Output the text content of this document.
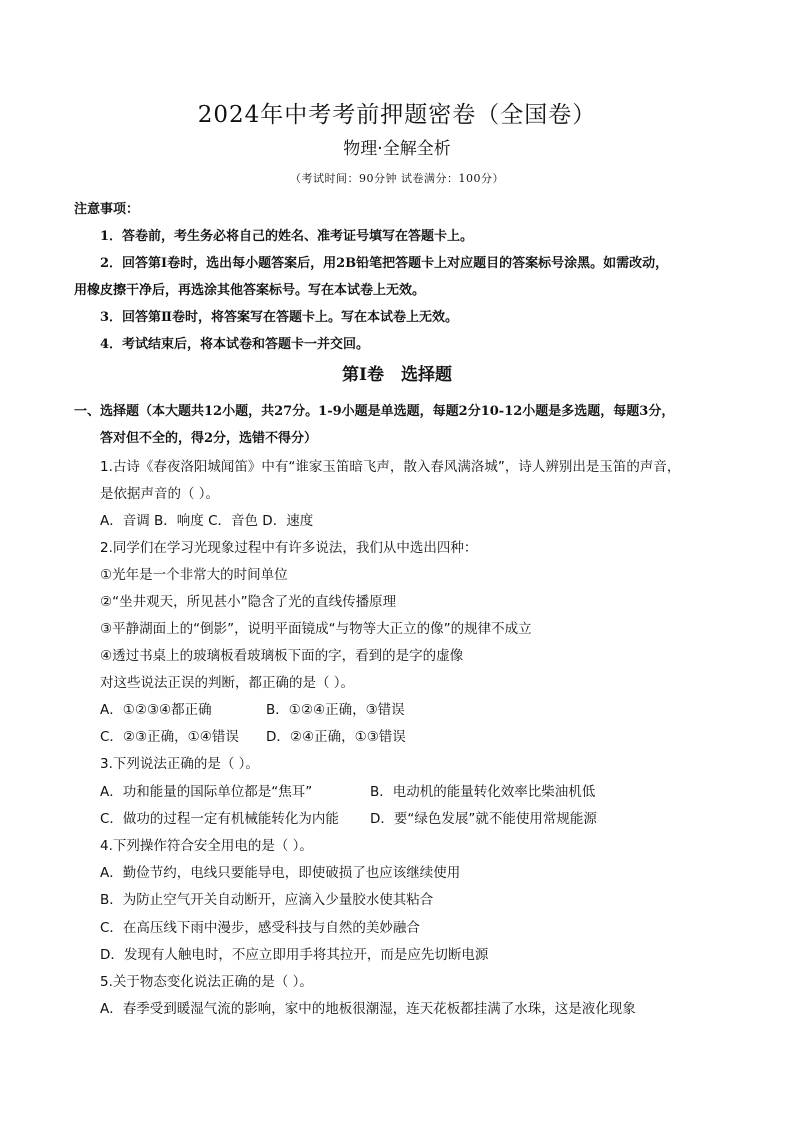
2024年中考考前押题密卷（全国卷）
物理·全解全析
（考试时间：90分钟 试卷满分：100分）
注意事项：
1．答卷前，考生务必将自己的姓名、准考证号填写在答题卡上。
2．回答第Ⅰ卷时，选出每小题答案后，用2B铅笔把答题卡上对应题目的答案标号涂黑。如需改动，
用橡皮擦干净后，再选涂其他答案标号。写在本试卷上无效。
3．回答第Ⅱ卷时，将答案写在答题卡上。写在本试卷上无效。
4．考试结束后，将本试卷和答题卡一并交回。
第Ⅰ卷　选择题
一、选择题（本大题共12小题，共27分。1-9小题是单选题，每题2分10-12小题是多选题，每题3分，
答对但不全的，得2分，选错不得分）
1.古诗《春夜洛阳城闻笛》中有“谁家玉笛暗飞声，散入春风满洛城”，诗人辨别出是玉笛的声音，
是依据声音的（ ）。
A．音调 B．响度 C．音色 D．速度
2.同学们在学习光现象过程中有许多说法，我们从中选出四种：
①光年是一个非常大的时间单位
②“坐井观天，所见甚小”隐含了光的直线传播原理
③平静湖面上的“倒影”，说明平面镜成“与物等大正立的像”的规律不成立
④透过书桌上的玻璃板看玻璃板下面的字，看到的是字的虚像
对这些说法正误的判断，都正确的是（ ）。
A．①②③④都正确	B．①②④正确，③错误
C．②③正确，①④错误 D．②④正确，①③错误
3.下列说法正确的是（ ）。
A．功和能量的国际单位都是“焦耳”	B．电动机的能量转化效率比柴油机低
C．做功的过程一定有机械能转化为内能 D．要“绿色发展”就不能使用常规能源
4.下列操作符合安全用电的是（ ）。
A．勤俭节约，电线只要能导电，即使破损了也应该继续使用
B．为防止空气开关自动断开，应滴入少量胶水使其粘合
C．在高压线下雨中漫步，感受科技与自然的美妙融合
D．发现有人触电时，不应立即用手将其拉开，而是应先切断电源
5.关于物态变化说法正确的是（ ）。
A．春季受到暖湿气流的影响，家中的地板很潮湿，连天花板都挂满了水珠，这是液化现象
